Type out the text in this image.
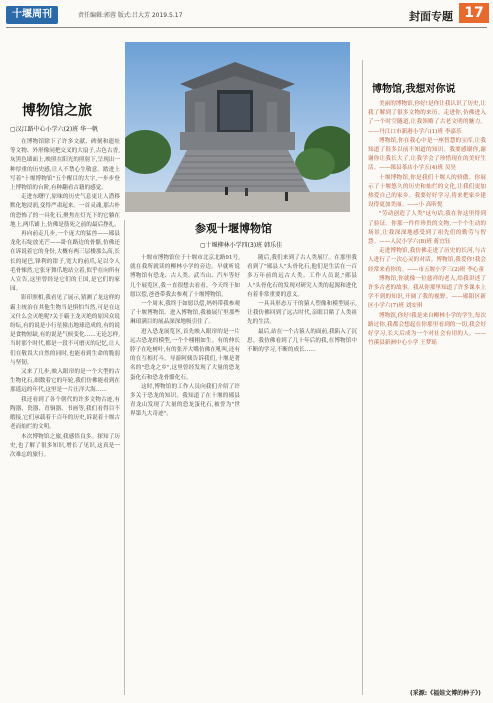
十堰周刊	责任编辑:郭蓉 版式:吕大芳 2019.5.17	封面专题 17
博物馆之旅
▢汉江路中心小学六(2)班 华一帆

在博物馆除下了许多文献、碑刻和遗址等文物、外形像同把交叉的大扇子,古色古香,灰黑色墙面上,映照在阳光的照射下,呈现出一种厚重的历史感,让人不禁心生敬意。踏进上写着"十堰博物馆"五个醒目的大字,一步步登上博物馆的台阶,有种翻看古籍的感觉。

走进东曙厅,原味的历史气息更让人潜移默化地浸润,变得严肃起来。一首灵魂,那古朴的恐怖了的一具化石,聚焦在灯光下的它躺在地上,两爪铺上,仿佛是筋死之前的最后挣扎。

再向前走几步,一个庞大的猛兽——郧县龙化石绽放光芒——卧在路边的骨骼,仿佛还在诉说着它的身份,大概有两三层楼那么高,长长的尾巴,锋利的钳子,宽大的前爪,足以令人毛骨悚然,它张牙舞爪地站立着,似乎在向所有人宣告,这里曾经是它们的王国,是它们的家园。

影印照相,我看见了展示,猜测了龙这样的霸主统治在其他生物当是惧怕当然,可是在这又什么会灭绝呢?关于霸王龙灭绝的原因众说纷纭,有的说是小行星撞击地球造成的,有的说是食物短缺,有的说是气候变化……无论怎样,当时那个时代,都是一段不可磨灭的记忆,让人们在敬畏大自然的同时,也能看到生命的脆弱与坚韧。

又来了几步,映入眼帘的是一个大型的古生物化石,细数着它的年轮,我们仿佛能看到在那遥远的年代,这里是一片汪洋大海……

我还看到了各个朝代的许多文物古迹,有陶器、瓷器、青铜器、书画等,我们看得目不暇接,它们承载着千百年的历史,诉说着十堰古老而灿烂的文明。

本次博物馆之旅,我感悟良多。探知了历史,也了解了很多知识,增长了见识,这真是一次难忘的旅行。

参观十堰博物馆
▢十堰柳林小学四(3)班 韩乐佳

十堰市博物馆位于十堰市北京北路91号,就在我所就读的柳林小学的旁边。早就听说博物馆有恐龙、古人类、武当山、汽车等好几个展览区,我一直很想去看看。今天终于如愿以偿,爸爸带我去参观了十堰博物馆。

一个周末,我终于如愿以偿,妈妈带我参观了十堰博物馆。进入博物馆,我被展厅里那些琳琅满目的展品深深地吸引住了。

进入恐龙展览区,首先映入眼帘的是一片远古恐龙的模型,一个个栩栩如生。有的伸长脖子在吃树叶,有的张开大嘴仿佛在吼叫,还有的在互相打斗。导游阿姨告诉我们,十堰是著名的"恐龙之乡",这里曾经发现了大量的恐龙蛋化石和恐龙骨骼化石。

这时,博物馆的工作人员向我们介绍了许多关于恐龙的知识。我知道了在十堰的郧县青龙山发现了大量的恐龙蛋化石,被誉为"世界第九大奇迹"。

随后,我们来到了古人类展厅。在那里我看到了"郧县人"头骨化石,他们是生活在一百多万年前的远古人类。工作人员说,"郧县人"头骨化石的发现对研究人类的起源和进化有着非常重要的意义。

一具具形态万千的猿人塑像和模型展示,让我仿佛回到了远古时代,亲眼目睹了人类祖先的生活。

最后,站在一个古猿人的面前,我陷入了沉思。我仿佛看到了几十年后的我,在博物馆中不断的学习,不断的成长……

博物馆,我想对你说

美丽的博物馆,你好!是你让我认识了历史,让我了解到了很多文物的来历。走进你,仿佛进入了一个时空隧道,让我领略了古老文明的魅力。——丹江口市新港小学六(1)班 李嘉乐

博物馆,你在我心中是一座智慧的宝库,让我知道了很多以前不知道的知识。我要感谢你,谢谢你让我长大了,让我学会了珍惜现在的美好生活。——郧县茶店小学五(4)班 吴昊

十堰博物馆,你是我们十堰人的骄傲。你展示了十堰悠久的历史和灿烂的文化,让我们更加热爱自己的家乡。我要好好学习,将来把家乡建设得更加美丽。——小 高昕悦

"劳动创造了人类"这句话,我在你这里得到了验证。你那一件件珍贵的文物,一个个生动的场景,让我深深地感受到了祖先们的勤劳与智慧。——人民小学六(8)班 蒋宜钰

走进博物馆,我仿佛走进了历史的长河,与古人进行了一次心灵的对话。博物馆,我爱你!我会经常来看你的。——市五堰小学三(2)班 李心童

博物馆,你就像一位慈祥的老人,给我讲述了许多古老的故事。我从你那里知道了许多课本上学不到的知识,开阔了我的视野。——郧阳区新区小学六(7)班 刘安琪

博物馆,你好!我是来自柳林小学的学生,每次路过你,我都会想起在你那里看到的一切,我会好好学习,长大后成为一个对社会有用的人。——竹溪县新洲中心小学 王梦瑶

(采源:《福娃文博的种子》)
